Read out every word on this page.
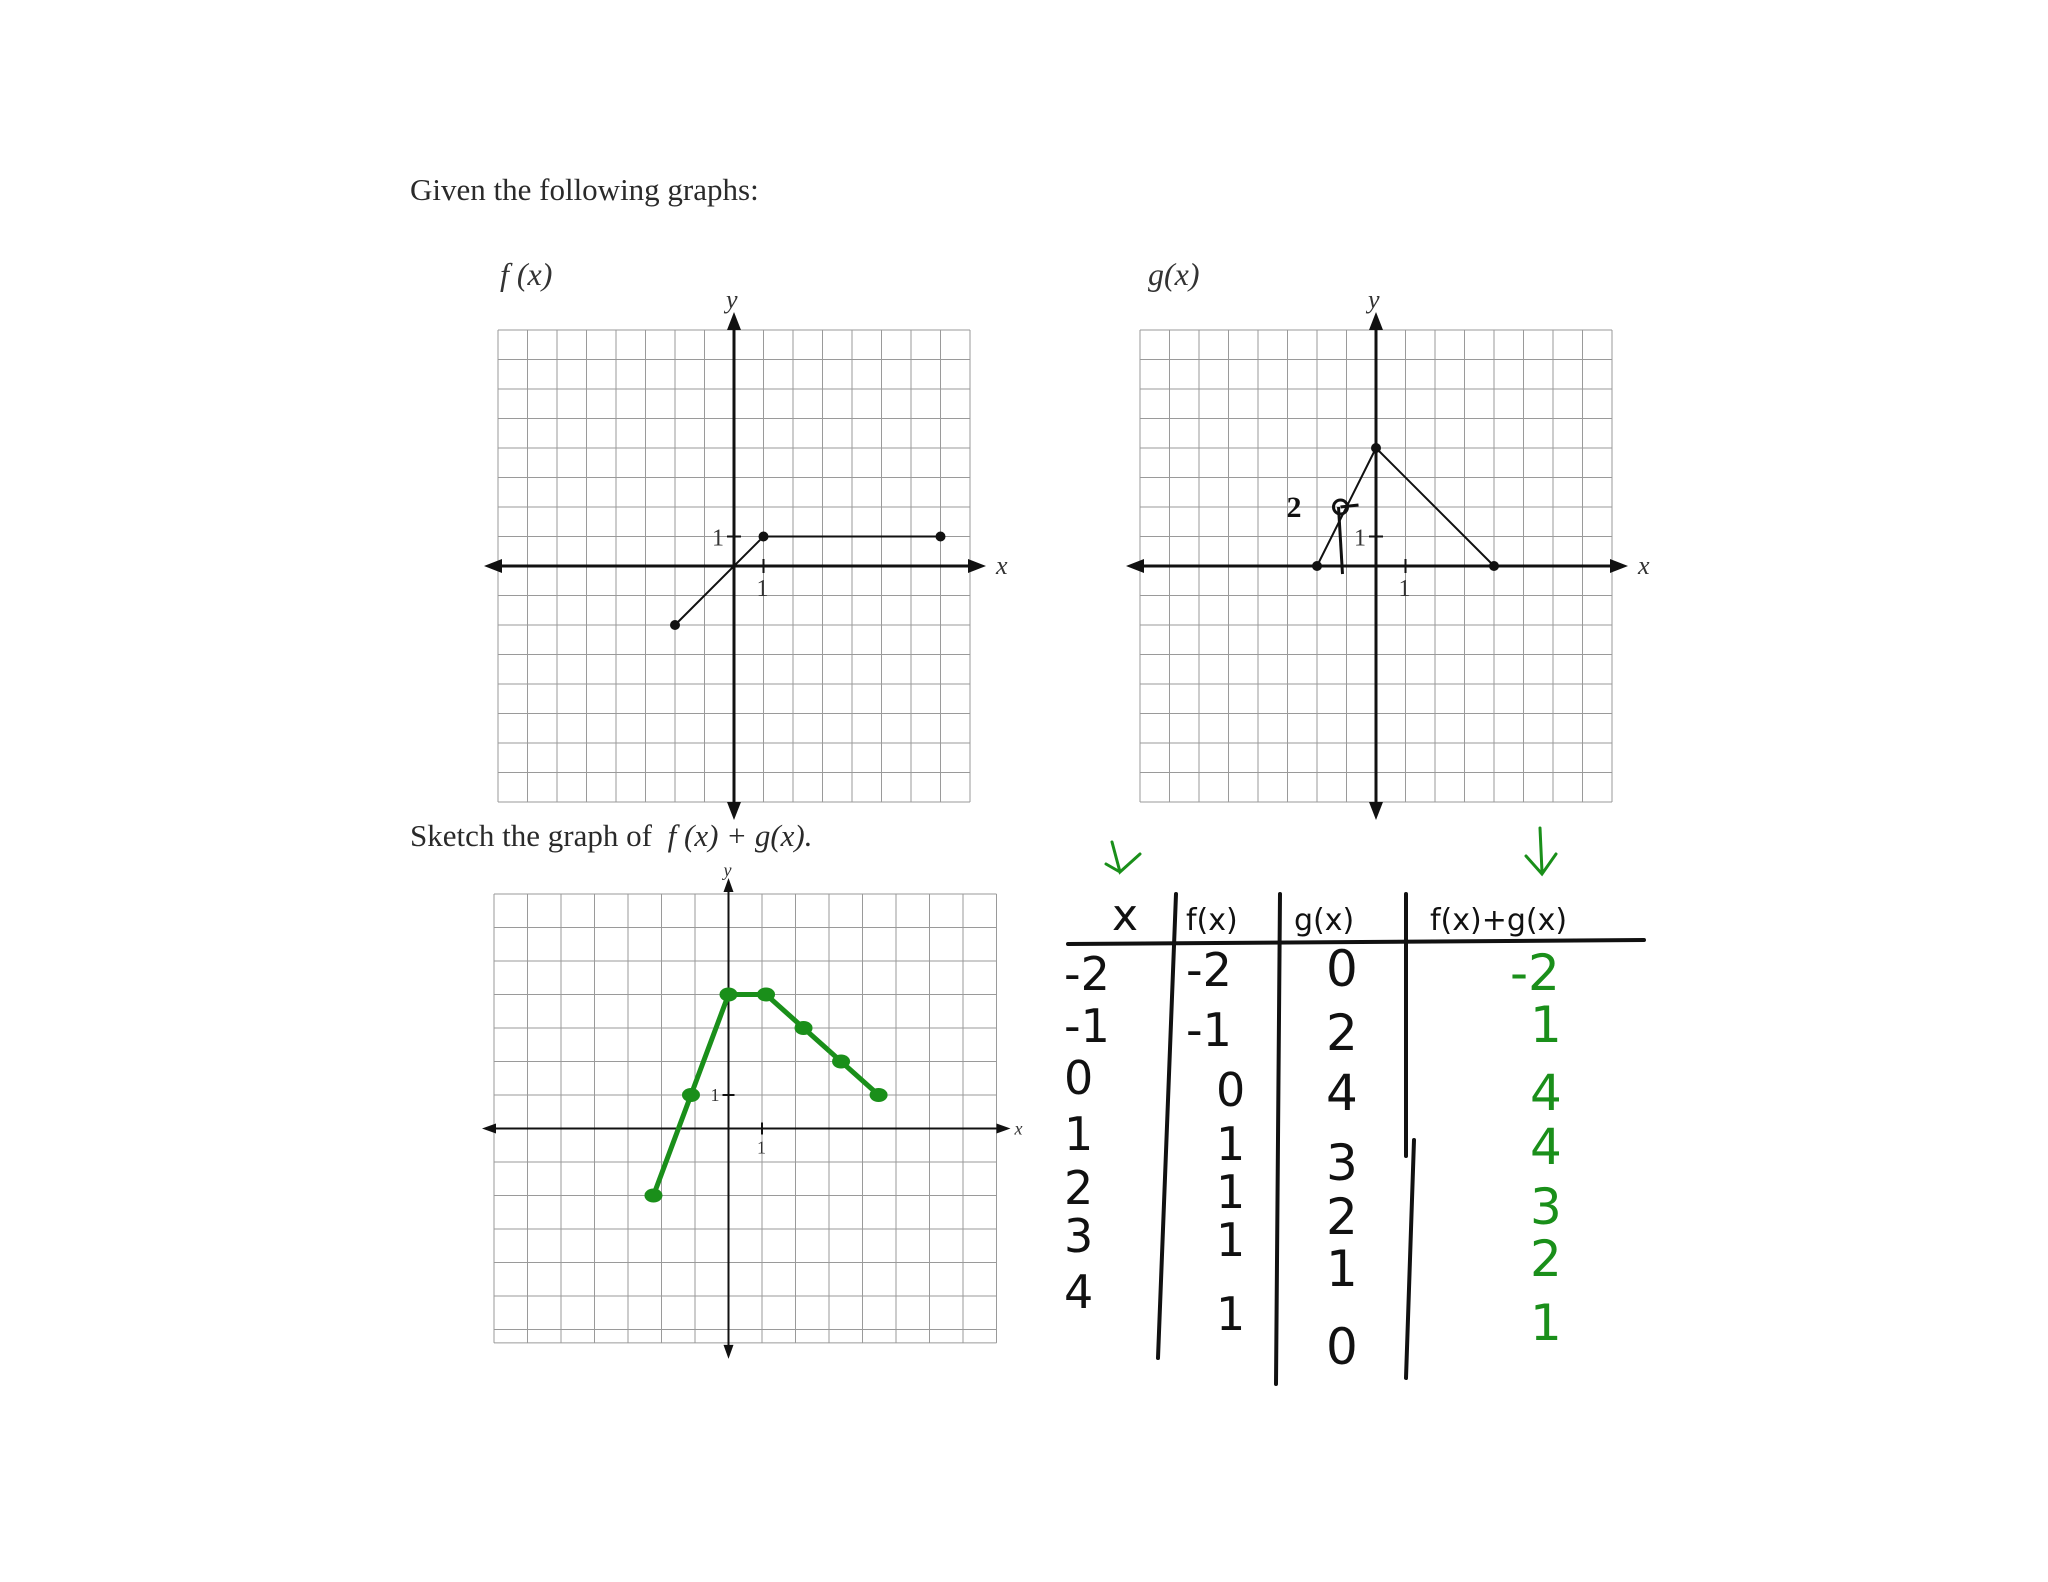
Given the following graphs:
f (x)	g(x)
x
y
1
1
x
y
1
1
2
Sketch the graph of f (x) + g(x).
x
y
1
1
x f(x) g(x)	f(x)+g(x)
-2
-1
0
1
2
3
4
-2
-1
0
1
1
1
1
0
2
4
3
2
1
0
-2
1
4
4
3
2
1
